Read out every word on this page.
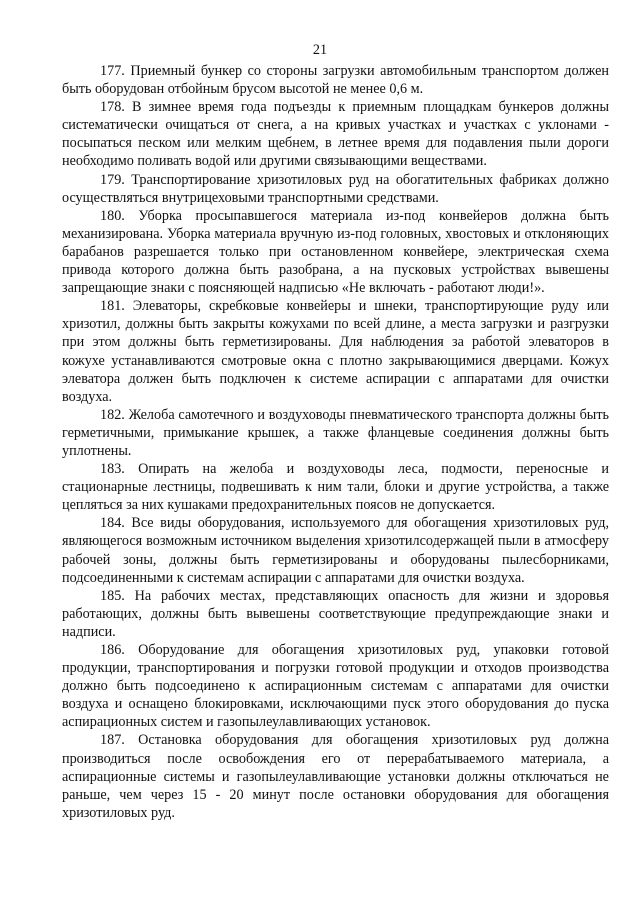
21

177. Приемный бункер со стороны загрузки автомобильным транспортом должен быть оборудован отбойным брусом высотой не менее 0,6 м.

178. В зимнее время года подъезды к приемным площадкам бункеров должны систематически очищаться от снега, а на кривых участках и участках с уклонами - посыпаться песком или мелким щебнем, в летнее время для подавления пыли дороги необходимо поливать водой или другими связывающими веществами.

179. Транспортирование хризотиловых руд на обогатительных фабриках должно осуществляться внутрицеховыми транспортными средствами.

180. Уборка просыпавшегося материала из-под конвейеров должна быть механизирована. Уборка материала вручную из-под головных, хвостовых и отклоняющих барабанов разрешается только при остановленном конвейере, электрическая схема привода которого должна быть разобрана, а на пусковых устройствах вывешены запрещающие знаки с поясняющей надписью «Не включать - работают люди!».

181. Элеваторы, скребковые конвейеры и шнеки, транспортирующие руду или хризотил, должны быть закрыты кожухами по всей длине, а места загрузки и разгрузки при этом должны быть герметизированы. Для наблюдения за работой элеваторов в кожухе устанавливаются смотровые окна с плотно закрывающимися дверцами. Кожух элеватора должен быть подключен к системе аспирации с аппаратами для очистки воздуха.

182. Желоба самотечного и воздуховоды пневматического транспорта должны быть герметичными, примыкание крышек, а также фланцевые соединения должны быть уплотнены.

183. Опирать на желоба и воздуховоды леса, подмости, переносные и стационарные лестницы, подвешивать к ним тали, блоки и другие устройства, а также цепляться за них кушаками предохранительных поясов не допускается.

184. Все виды оборудования, используемого для обогащения хризотиловых руд, являющегося возможным источником выделения хризотилсодержащей пыли в атмосферу рабочей зоны, должны быть герметизированы и оборудованы пылесборниками, подсоединенными к системам аспирации с аппаратами для очистки воздуха.

185. На рабочих местах, представляющих опасность для жизни и здоровья работающих, должны быть вывешены соответствующие предупреждающие знаки и надписи.

186. Оборудование для обогащения хризотиловых руд, упаковки готовой продукции, транспортирования и погрузки готовой продукции и отходов производства должно быть подсоединено к аспирационным системам с аппаратами для очистки воздуха и оснащено блокировками, исключающими пуск этого оборудования до пуска аспирационных систем и газопылеулавливающих установок.

187. Остановка оборудования для обогащения хризотиловых руд должна производиться после освобождения его от перерабатываемого материала, а аспирационные системы и газопылеулавливающие установки должны отключаться не раньше, чем через 15 - 20 минут после остановки оборудования для обогащения хризотиловых руд.
